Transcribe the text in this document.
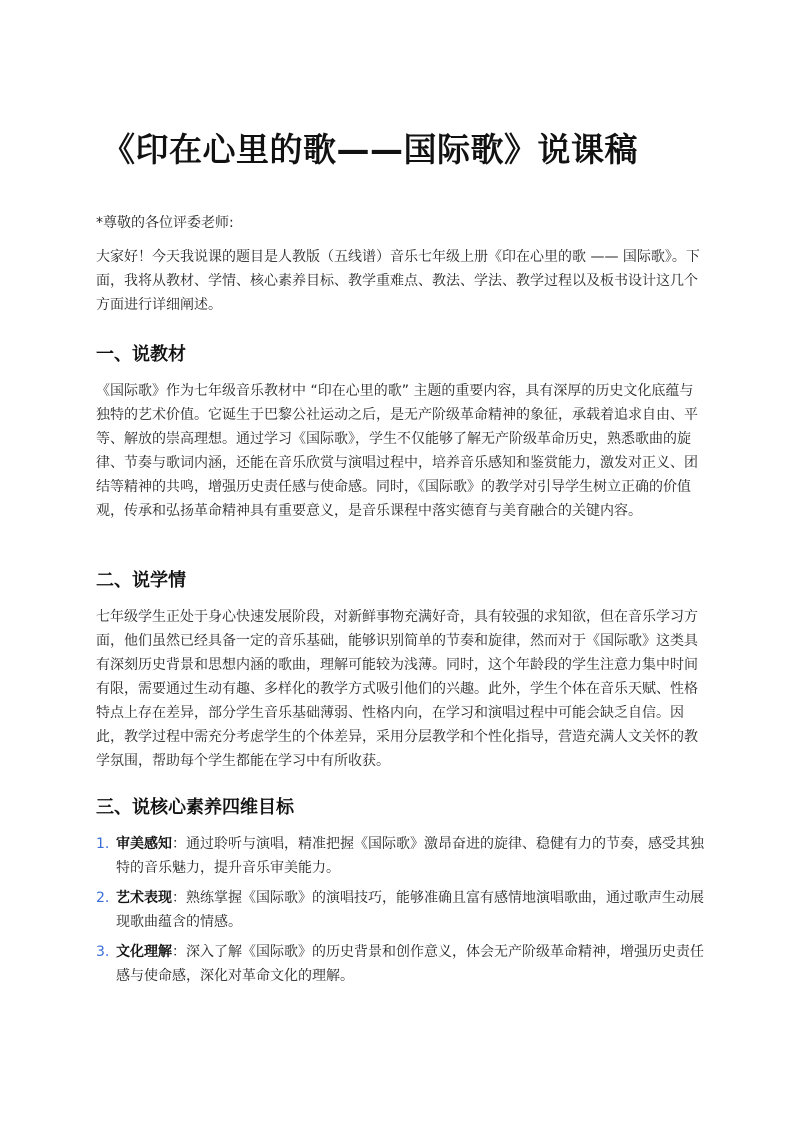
《印在心里的歌——国际歌》说课稿

*尊敬的各位评委老师:

大家好！今天我说课的题目是人教版（五线谱）音乐七年级上册《印在心里的歌 —— 国际歌》。下面，我将从教材、学情、核心素养目标、教学重难点、教法、学法、教学过程以及板书设计这几个方面进行详细阐述。

一、说教材

《国际歌》作为七年级音乐教材中 “印在心里的歌” 主题的重要内容，具有深厚的历史文化底蕴与独特的艺术价值。它诞生于巴黎公社运动之后，是无产阶级革命精神的象征，承载着追求自由、平等、解放的崇高理想。通过学习《国际歌》，学生不仅能够了解无产阶级革命历史，熟悉歌曲的旋律、节奏与歌词内涵，还能在音乐欣赏与演唱过程中，培养音乐感知和鉴赏能力，激发对正义、团结等精神的共鸣，增强历史责任感与使命感。同时，《国际歌》的教学对引导学生树立正确的价值观，传承和弘扬革命精神具有重要意义，是音乐课程中落实德育与美育融合的关键内容。

二、说学情

七年级学生正处于身心快速发展阶段，对新鲜事物充满好奇，具有较强的求知欲，但在音乐学习方面，他们虽然已经具备一定的音乐基础，能够识别简单的节奏和旋律，然而对于《国际歌》这类具有深刻历史背景和思想内涵的歌曲，理解可能较为浅薄。同时，这个年龄段的学生注意力集中时间有限，需要通过生动有趣、多样化的教学方式吸引他们的兴趣。此外，学生个体在音乐天赋、性格特点上存在差异，部分学生音乐基础薄弱、性格内向，在学习和演唱过程中可能会缺乏自信。因此，教学过程中需充分考虑学生的个体差异，采用分层教学和个性化指导，营造充满人文关怀的教学氛围，帮助每个学生都能在学习中有所收获。

三、说核心素养四维目标
1. 审美感知：通过聆听与演唱，精准把握《国际歌》激昂奋进的旋律、稳健有力的节奏，感受其独特的音乐魅力，提升音乐审美能力。
2. 艺术表现：熟练掌握《国际歌》的演唱技巧，能够准确且富有感情地演唱歌曲，通过歌声生动展现歌曲蕴含的情感。
3. 文化理解：深入了解《国际歌》的历史背景和创作意义，体会无产阶级革命精神，增强历史责任感与使命感，深化对革命文化的理解。
